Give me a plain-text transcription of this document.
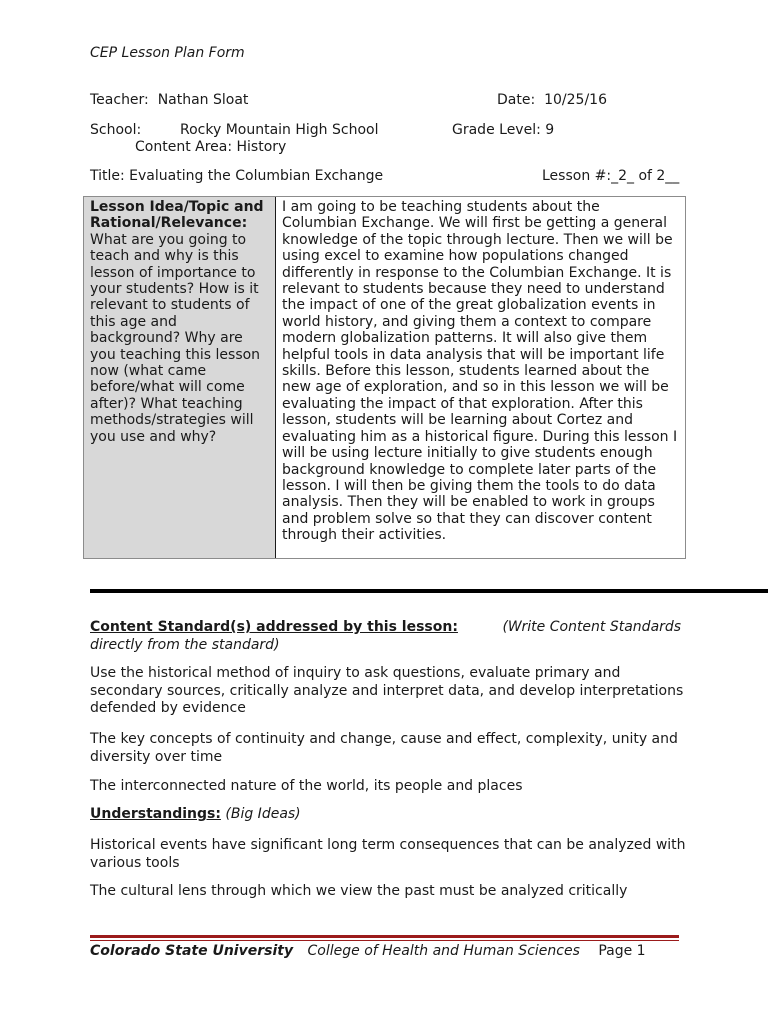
CEP Lesson Plan Form
Teacher: Nathan Sloat	Date: 10/25/16
School:	Rocky Mountain High School	Grade Level: 9
Content Area: History
Title: Evaluating the Columbian Exchange	Lesson #:_2_ of 2__
Lesson Idea/Topic and Rational/Relevance:
What are you going to teach and why is this lesson of importance to your students? How is it relevant to students of this age and background? Why are you teaching this lesson now (what came before/what will come after)? What teaching methods/strategies will you use and why?
I am going to be teaching students about the Columbian Exchange. We will first be getting a general knowledge of the topic through lecture. Then we will be using excel to examine how populations changed differently in response to the Columbian Exchange. It is relevant to students because they need to understand the impact of one of the great globalization events in world history, and giving them a context to compare modern globalization patterns. It will also give them helpful tools in data analysis that will be important life skills. Before this lesson, students learned about the new age of exploration, and so in this lesson we will be evaluating the impact of that exploration. After this lesson, students will be learning about Cortez and evaluating him as a historical figure. During this lesson I will be using lecture initially to give students enough background knowledge to complete later parts of the lesson. I will then be giving them the tools to do data analysis. Then they will be enabled to work in groups and problem solve so that they can discover content through their activities.
Content Standard(s) addressed by this lesson:	(Write Content Standards directly from the standard)
Use the historical method of inquiry to ask questions, evaluate primary and secondary sources, critically analyze and interpret data, and develop interpretations defended by evidence
The key concepts of continuity and change, cause and effect, complexity, unity and diversity over time
The interconnected nature of the world, its people and places
Understandings: (Big Ideas)
Historical events have significant long term consequences that can be analyzed with various tools
The cultural lens through which we view the past must be analyzed critically
Colorado State University College of Health and Human Sciences Page 1
